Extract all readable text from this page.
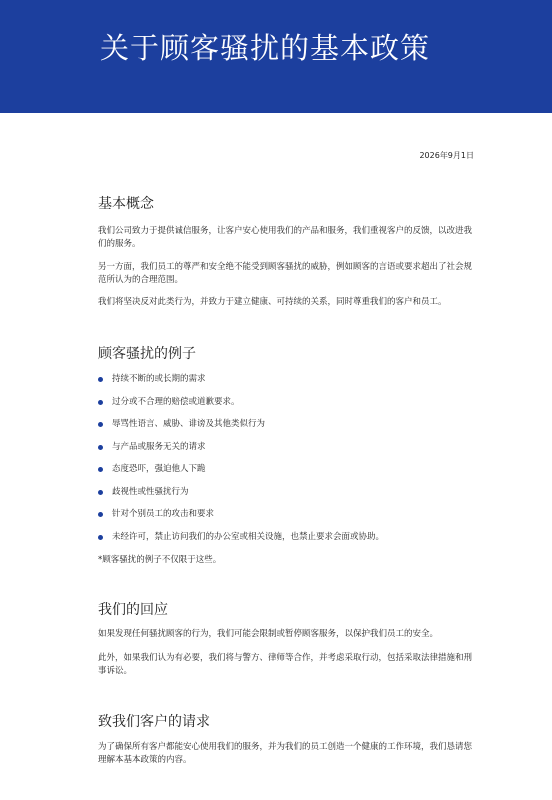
关于顾客骚扰的基本政策
2026年9月1日
基本概念

我们公司致力于提供诚信服务，让客户安心使用我们的产品和服务，我们重视客户的反馈，以改进我们的服务。

另一方面，我们员工的尊严和安全绝不能受到顾客骚扰的威胁，例如顾客的言语或要求超出了社会规范所认为的合理范围。

我们将坚决反对此类行为，并致力于建立健康、可持续的关系，同时尊重我们的客户和员工。

顾客骚扰的例子
持续不断的或长期的需求
过分或不合理的赔偿或道歉要求。
辱骂性语言、威胁、诽谤及其他类似行为
与产品或服务无关的请求
态度恐吓，强迫他人下跪
歧视性或性骚扰行为
针对个别员工的攻击和要求
未经许可，禁止访问我们的办公室或相关设施，也禁止要求会面或协助。

*顾客骚扰的例子不仅限于这些。

我们的回应

如果发现任何骚扰顾客的行为，我们可能会限制或暂停顾客服务，以保护我们员工的安全。

此外，如果我们认为有必要，我们将与警方、律师等合作，并考虑采取行动，包括采取法律措施和刑事诉讼。

致我们客户的请求

为了确保所有客户都能安心使用我们的服务，并为我们的员工创造一个健康的工作环境，我们恳请您理解本基本政策的内容。
